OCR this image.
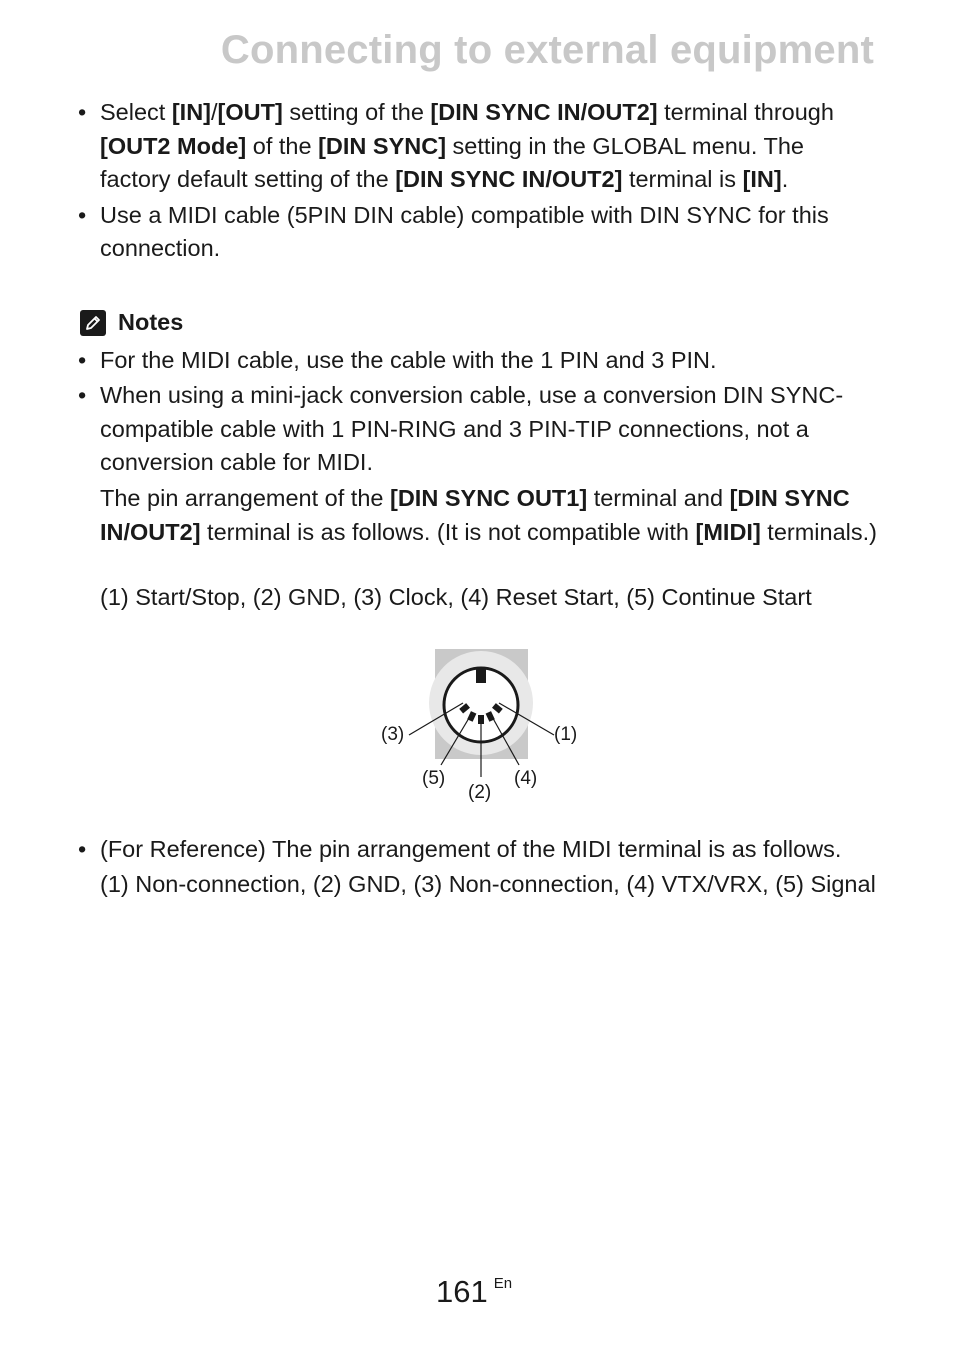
Connecting to external equipment
• Select [IN]/[OUT] setting of the [DIN SYNC IN/OUT2] terminal through [OUT2 Mode] of the [DIN SYNC] setting in the GLOBAL menu. The factory default setting of the [DIN SYNC IN/OUT2] terminal is [IN].
• Use a MIDI cable (5PIN DIN cable) compatible with DIN SYNC for this connection.
Notes
• For the MIDI cable, use the cable with the 1 PIN and 3 PIN.
• When using a mini-jack conversion cable, use a conversion DIN SYNC-compatible cable with 1 PIN-RING and 3 PIN-TIP connections, not a conversion cable for MIDI.
The pin arrangement of the [DIN SYNC OUT1] terminal and [DIN SYNC IN/OUT2] terminal is as follows. (It is not compatible with [MIDI] terminals.)
(1) Start/Stop, (2) GND, (3) Clock, (4) Reset Start, (5) Continue Start
(3)	(1)
(5)	(4)
(2)
• (For Reference) The pin arrangement of the MIDI terminal is as follows.
(1) Non-connection, (2) GND, (3) Non-connection, (4) VTX/VRX, (5) Signal
161 $^{En}$
